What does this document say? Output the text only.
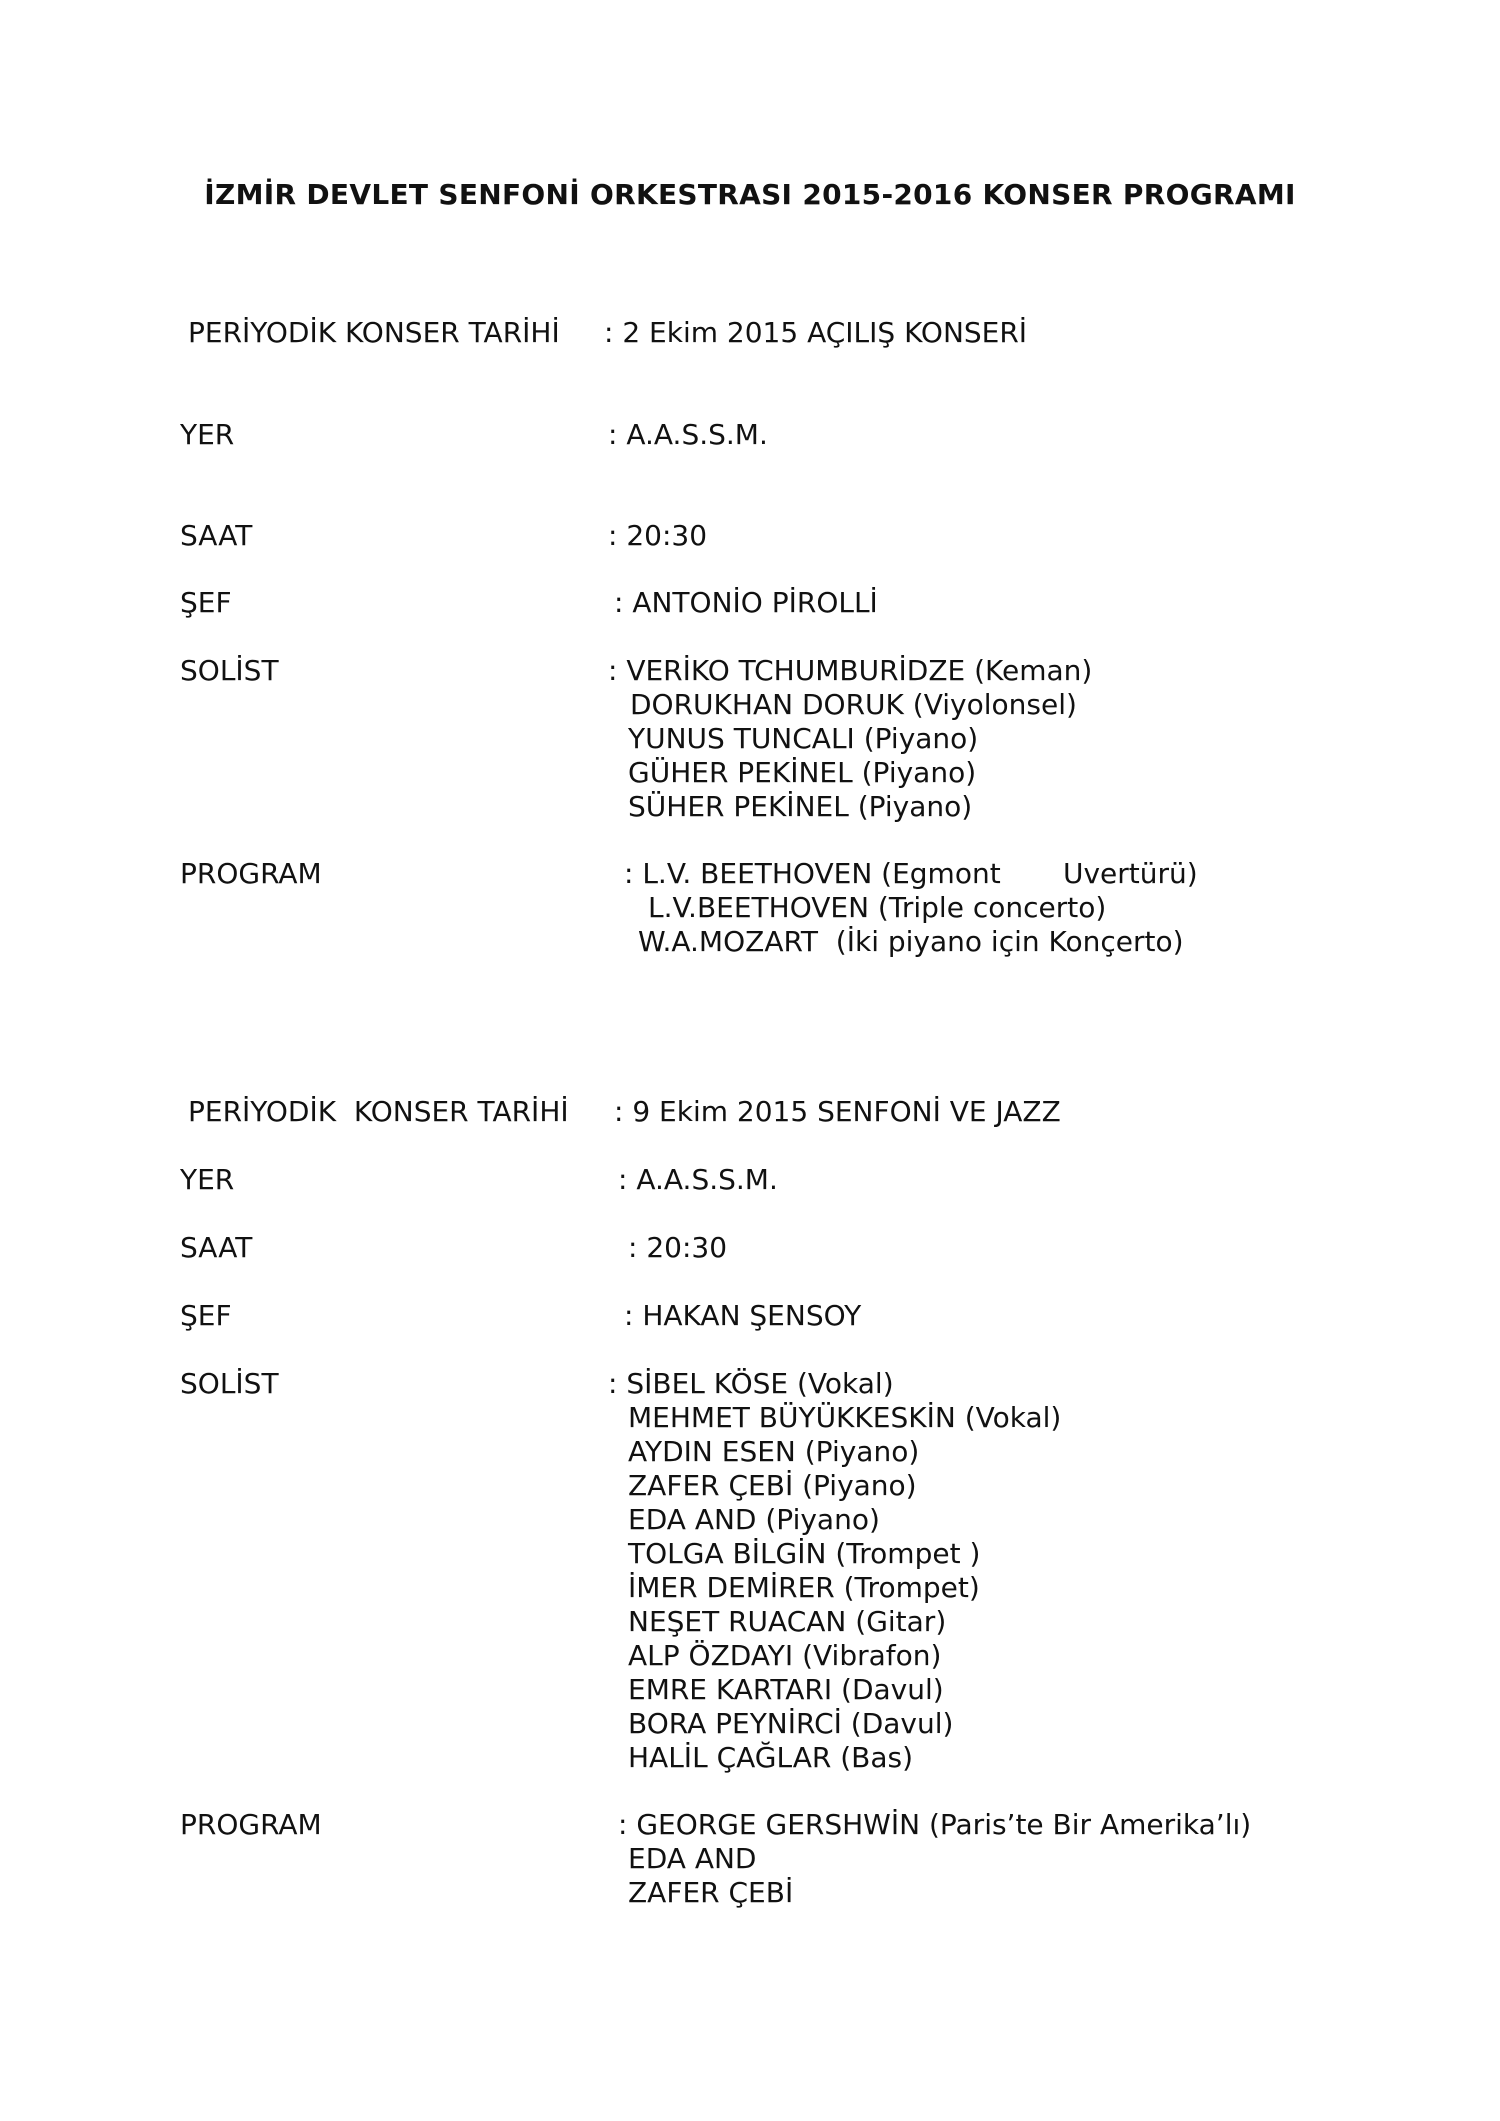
İZMİR DEVLET SENFONİ ORKESTRASI 2015-2016 KONSER PROGRAMI
PERİYODİK KONSER TARİHİ : 2 Ekim 2015 AÇILIŞ KONSERİ
YER	: A.A.S.S.M.
SAAT	: 20:30
ŞEF	: ANTONİO PİROLLİ
SOLİST	: VERİKO TCHUMBURİDZE (Keman)
DORUKHAN DORUK (Viyolonsel)
YUNUS TUNCALI (Piyano)
GÜHER PEKİNEL (Piyano)
SÜHER PEKİNEL (Piyano)
PROGRAM	: L.V. BEETHOVEN (Egmont       Uvertürü)
L.V.BEETHOVEN (Triple concerto)
W.A.MOZART  (İki piyano için Konçerto)
PERİYODİK  KONSER TARİHİ : 9 Ekim 2015 SENFONİ VE JAZZ
YER	: A.A.S.S.M.
SAAT	: 20:30
ŞEF	: HAKAN ŞENSOY
SOLİST	: SİBEL KÖSE (Vokal)
MEHMET BÜYÜKKESKİN (Vokal)
AYDIN ESEN (Piyano)
ZAFER ÇEBİ (Piyano)
EDA AND (Piyano)
TOLGA BİLGİN (Trompet )
İMER DEMİRER (Trompet)
NEŞET RUACAN (Gitar)
ALP ÖZDAYI (Vibrafon)
EMRE KARTARI (Davul)
BORA PEYNİRCİ (Davul)
HALİL ÇAĞLAR (Bas)
PROGRAM	: GEORGE GERSHWİN (Paris’te Bir Amerika’lı)
EDA AND
ZAFER ÇEBİ
